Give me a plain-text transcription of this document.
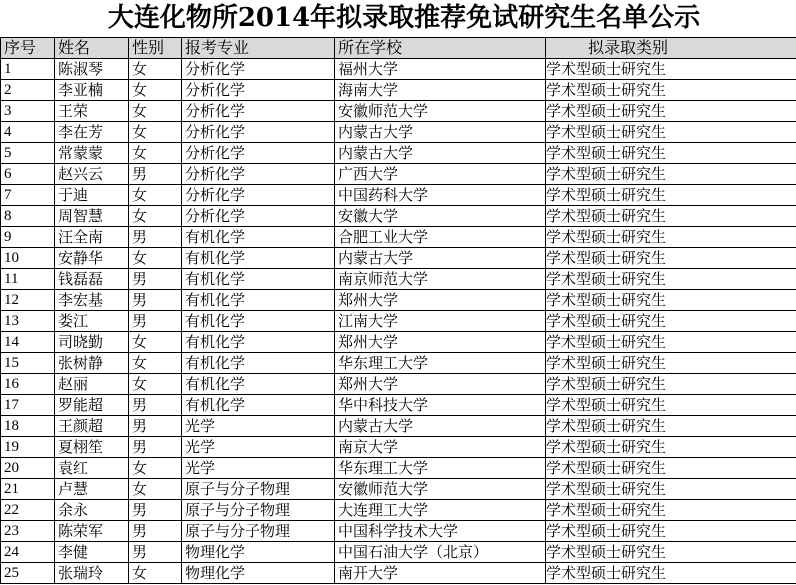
大连化物所2014年拟录取推荐免试研究生名单公示
序号	姓名	性别	报考专业	所在学校	拟录取类别
1	陈淑琴	女	分析化学	福州大学	学术型硕士研究生
2	李亚楠	女	分析化学	海南大学	学术型硕士研究生
3	王荣	女	分析化学	安徽师范大学	学术型硕士研究生
4	李在芳	女	分析化学	内蒙古大学	学术型硕士研究生
5	常蒙蒙	女	分析化学	内蒙古大学	学术型硕士研究生
6	赵兴云	男	分析化学	广西大学	学术型硕士研究生
7	于迪	女	分析化学	中国药科大学	学术型硕士研究生
8	周智慧	女	分析化学	安徽大学	学术型硕士研究生
9	汪全南	男	有机化学	合肥工业大学	学术型硕士研究生
10	安静华	女	有机化学	内蒙古大学	学术型硕士研究生
11	钱磊磊	男	有机化学	南京师范大学	学术型硕士研究生
12	李宏基	男	有机化学	郑州大学	学术型硕士研究生
13	娄江	男	有机化学	江南大学	学术型硕士研究生
14	司晓勤	女	有机化学	郑州大学	学术型硕士研究生
15	张树静	女	有机化学	华东理工大学	学术型硕士研究生
16	赵丽	女	有机化学	郑州大学	学术型硕士研究生
17	罗能超	男	有机化学	华中科技大学	学术型硕士研究生
18	王颜超	男	光学	内蒙古大学	学术型硕士研究生
19	夏栩笙	男	光学	南京大学	学术型硕士研究生
20	袁红	女	光学	华东理工大学	学术型硕士研究生
21	卢慧	女	原子与分子物理	安徽师范大学	学术型硕士研究生
22	余永	男	原子与分子物理	大连理工大学	学术型硕士研究生
23	陈荣军	男	原子与分子物理	中国科学技术大学	学术型硕士研究生
24	李健	男	物理化学	中国石油大学（北京）	学术型硕士研究生
25	张瑞玲	女	物理化学	南开大学	学术型硕士研究生
